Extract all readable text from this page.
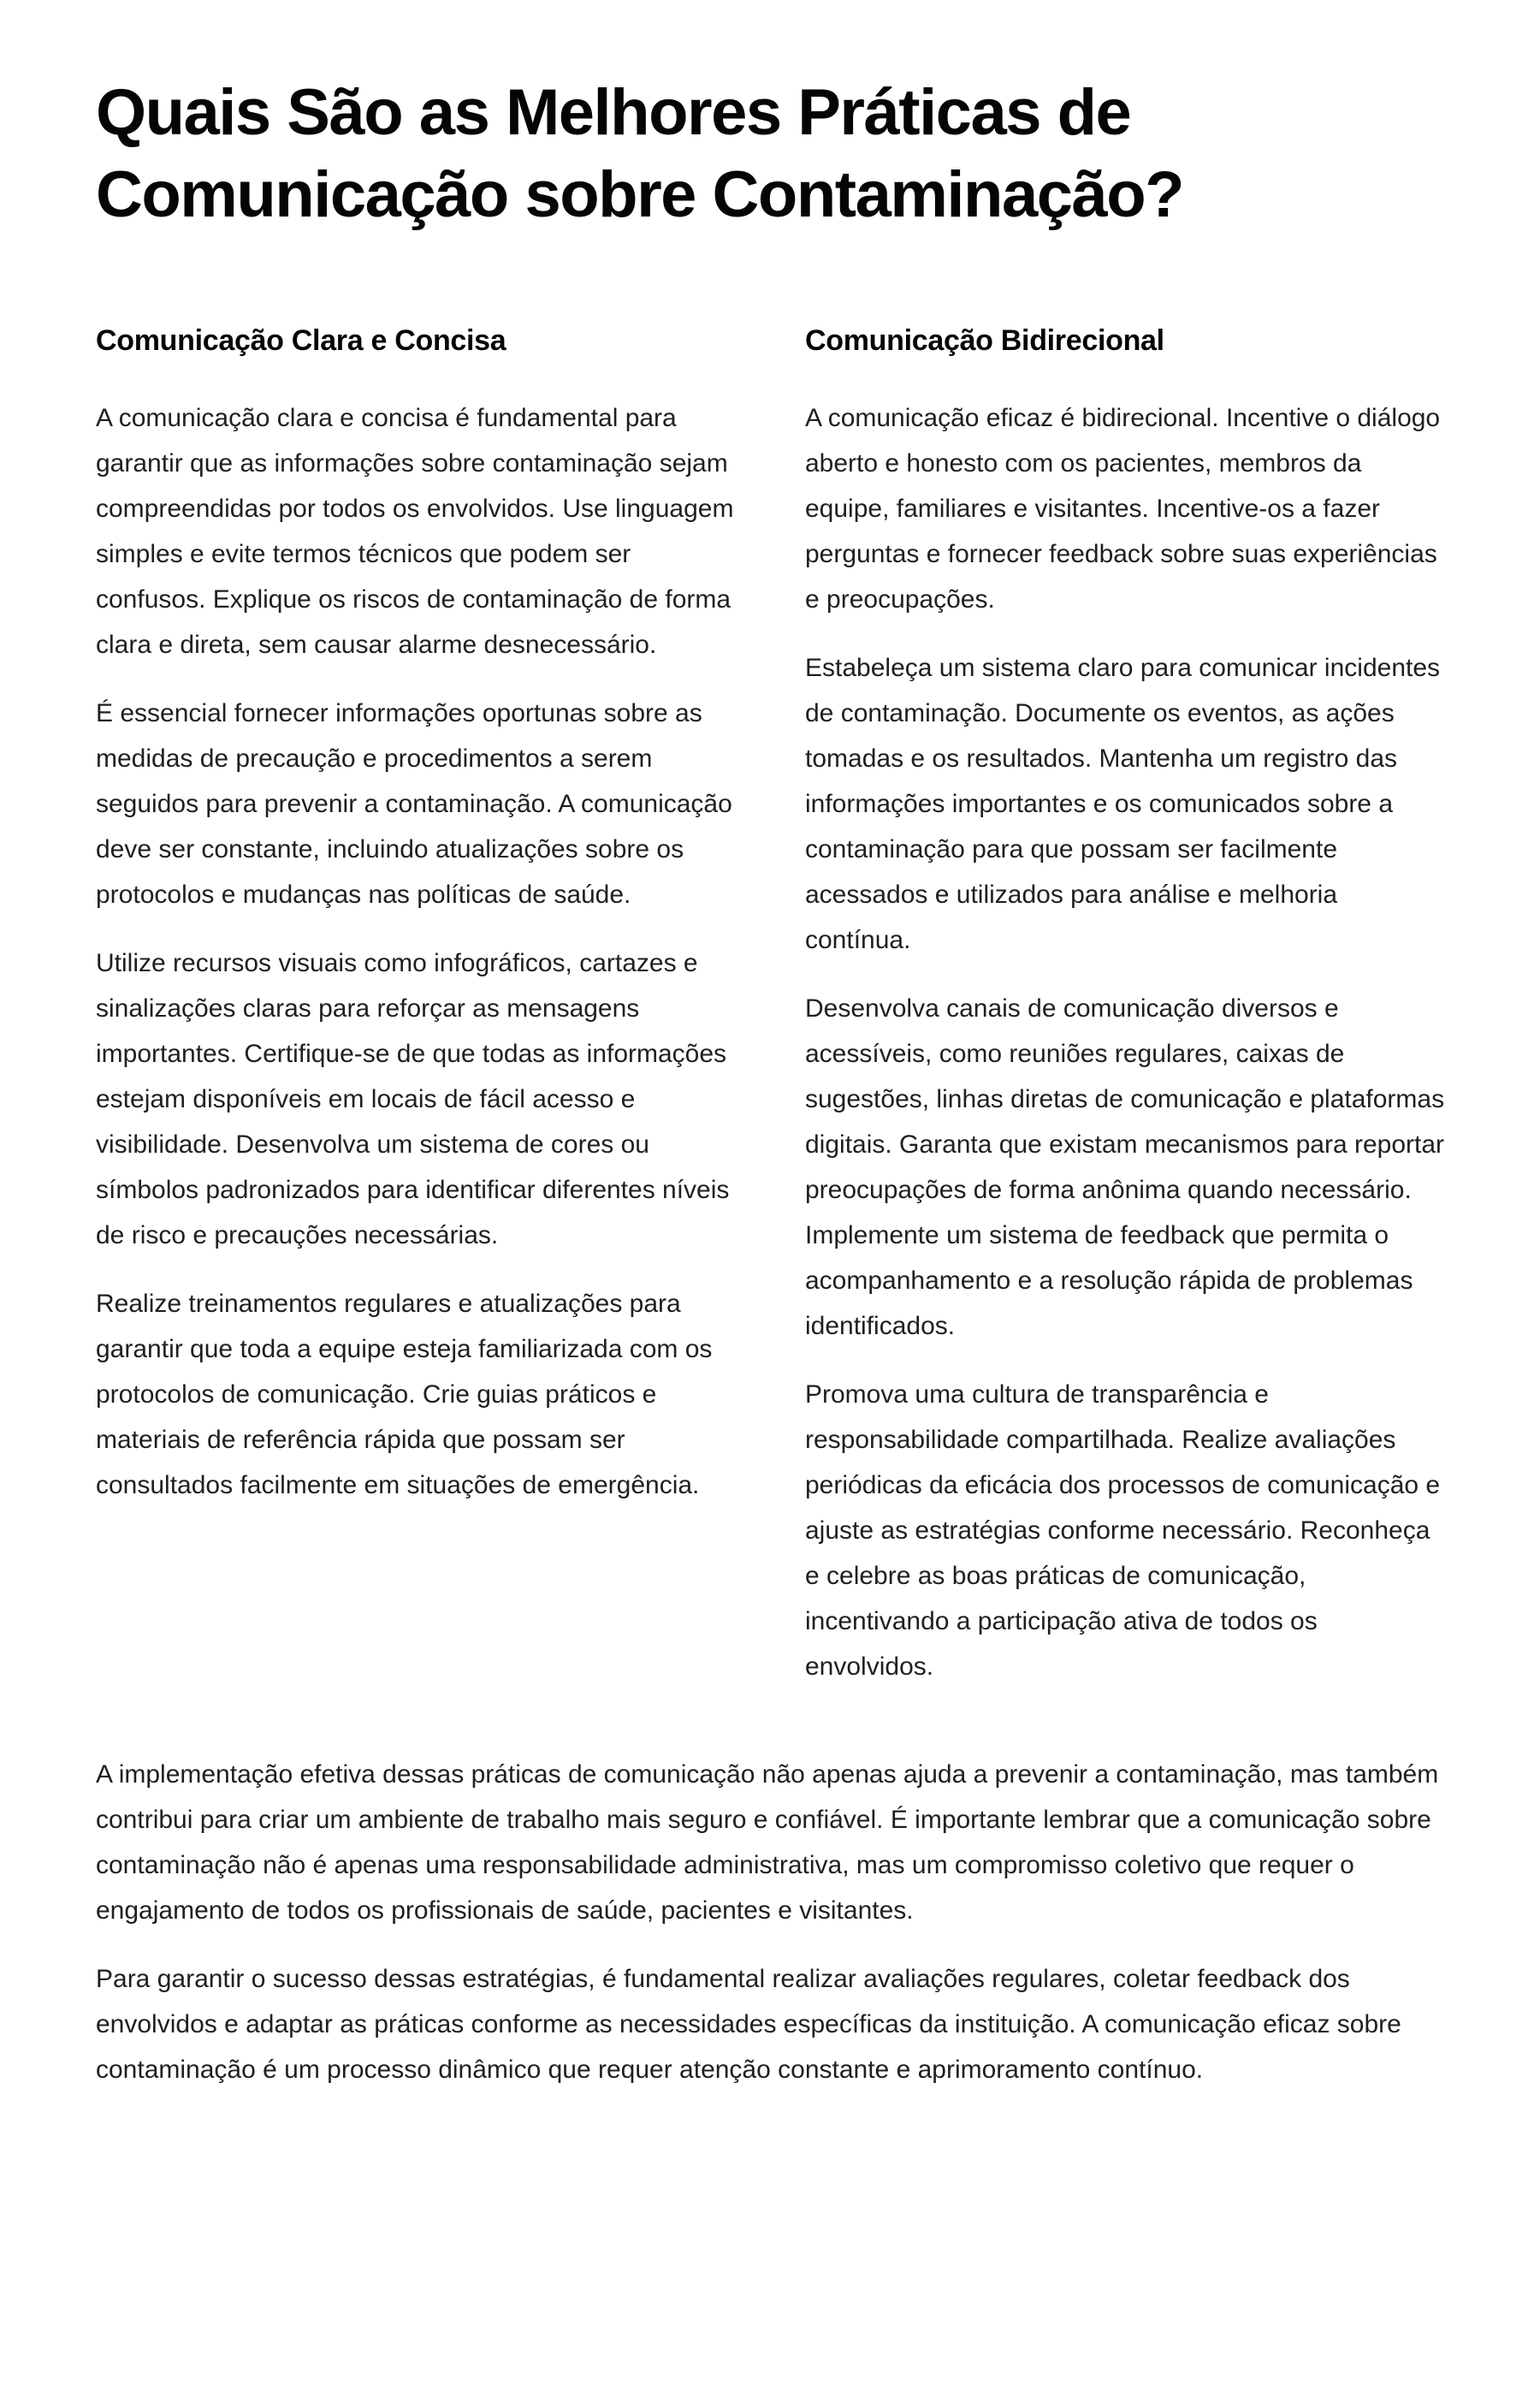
Quais São as Melhores Práticas de Comunicação sobre Contaminação?
Comunicação Clara e Concisa

A comunicação clara e concisa é fundamental para garantir que as informações sobre contaminação sejam compreendidas por todos os envolvidos. Use linguagem simples e evite termos técnicos que podem ser confusos. Explique os riscos de contaminação de forma clara e direta, sem causar alarme desnecessário.

É essencial fornecer informações oportunas sobre as medidas de precaução e procedimentos a serem seguidos para prevenir a contaminação. A comunicação deve ser constante, incluindo atualizações sobre os protocolos e mudanças nas políticas de saúde.

Utilize recursos visuais como infográficos, cartazes e sinalizações claras para reforçar as mensagens importantes. Certifique-se de que todas as informações estejam disponíveis em locais de fácil acesso e visibilidade. Desenvolva um sistema de cores ou símbolos padronizados para identificar diferentes níveis de risco e precauções necessárias.

Realize treinamentos regulares e atualizações para garantir que toda a equipe esteja familiarizada com os protocolos de comunicação. Crie guias práticos e materiais de referência rápida que possam ser consultados facilmente em situações de emergência.

Comunicação Bidirecional

A comunicação eficaz é bidirecional. Incentive o diálogo aberto e honesto com os pacientes, membros da equipe, familiares e visitantes. Incentive-os a fazer perguntas e fornecer feedback sobre suas experiências e preocupações.

Estabeleça um sistema claro para comunicar incidentes de contaminação. Documente os eventos, as ações tomadas e os resultados. Mantenha um registro das informações importantes e os comunicados sobre a contaminação para que possam ser facilmente acessados e utilizados para análise e melhoria contínua.

Desenvolva canais de comunicação diversos e acessíveis, como reuniões regulares, caixas de sugestões, linhas diretas de comunicação e plataformas digitais. Garanta que existam mecanismos para reportar preocupações de forma anônima quando necessário. Implemente um sistema de feedback que permita o acompanhamento e a resolução rápida de problemas identificados.

Promova uma cultura de transparência e responsabilidade compartilhada. Realize avaliações periódicas da eficácia dos processos de comunicação e ajuste as estratégias conforme necessário. Reconheça e celebre as boas práticas de comunicação, incentivando a participação ativa de todos os envolvidos.

A implementação efetiva dessas práticas de comunicação não apenas ajuda a prevenir a contaminação, mas também contribui para criar um ambiente de trabalho mais seguro e confiável. É importante lembrar que a comunicação sobre contaminação não é apenas uma responsabilidade administrativa, mas um compromisso coletivo que requer o engajamento de todos os profissionais de saúde, pacientes e visitantes.

Para garantir o sucesso dessas estratégias, é fundamental realizar avaliações regulares, coletar feedback dos envolvidos e adaptar as práticas conforme as necessidades específicas da instituição. A comunicação eficaz sobre contaminação é um processo dinâmico que requer atenção constante e aprimoramento contínuo.
